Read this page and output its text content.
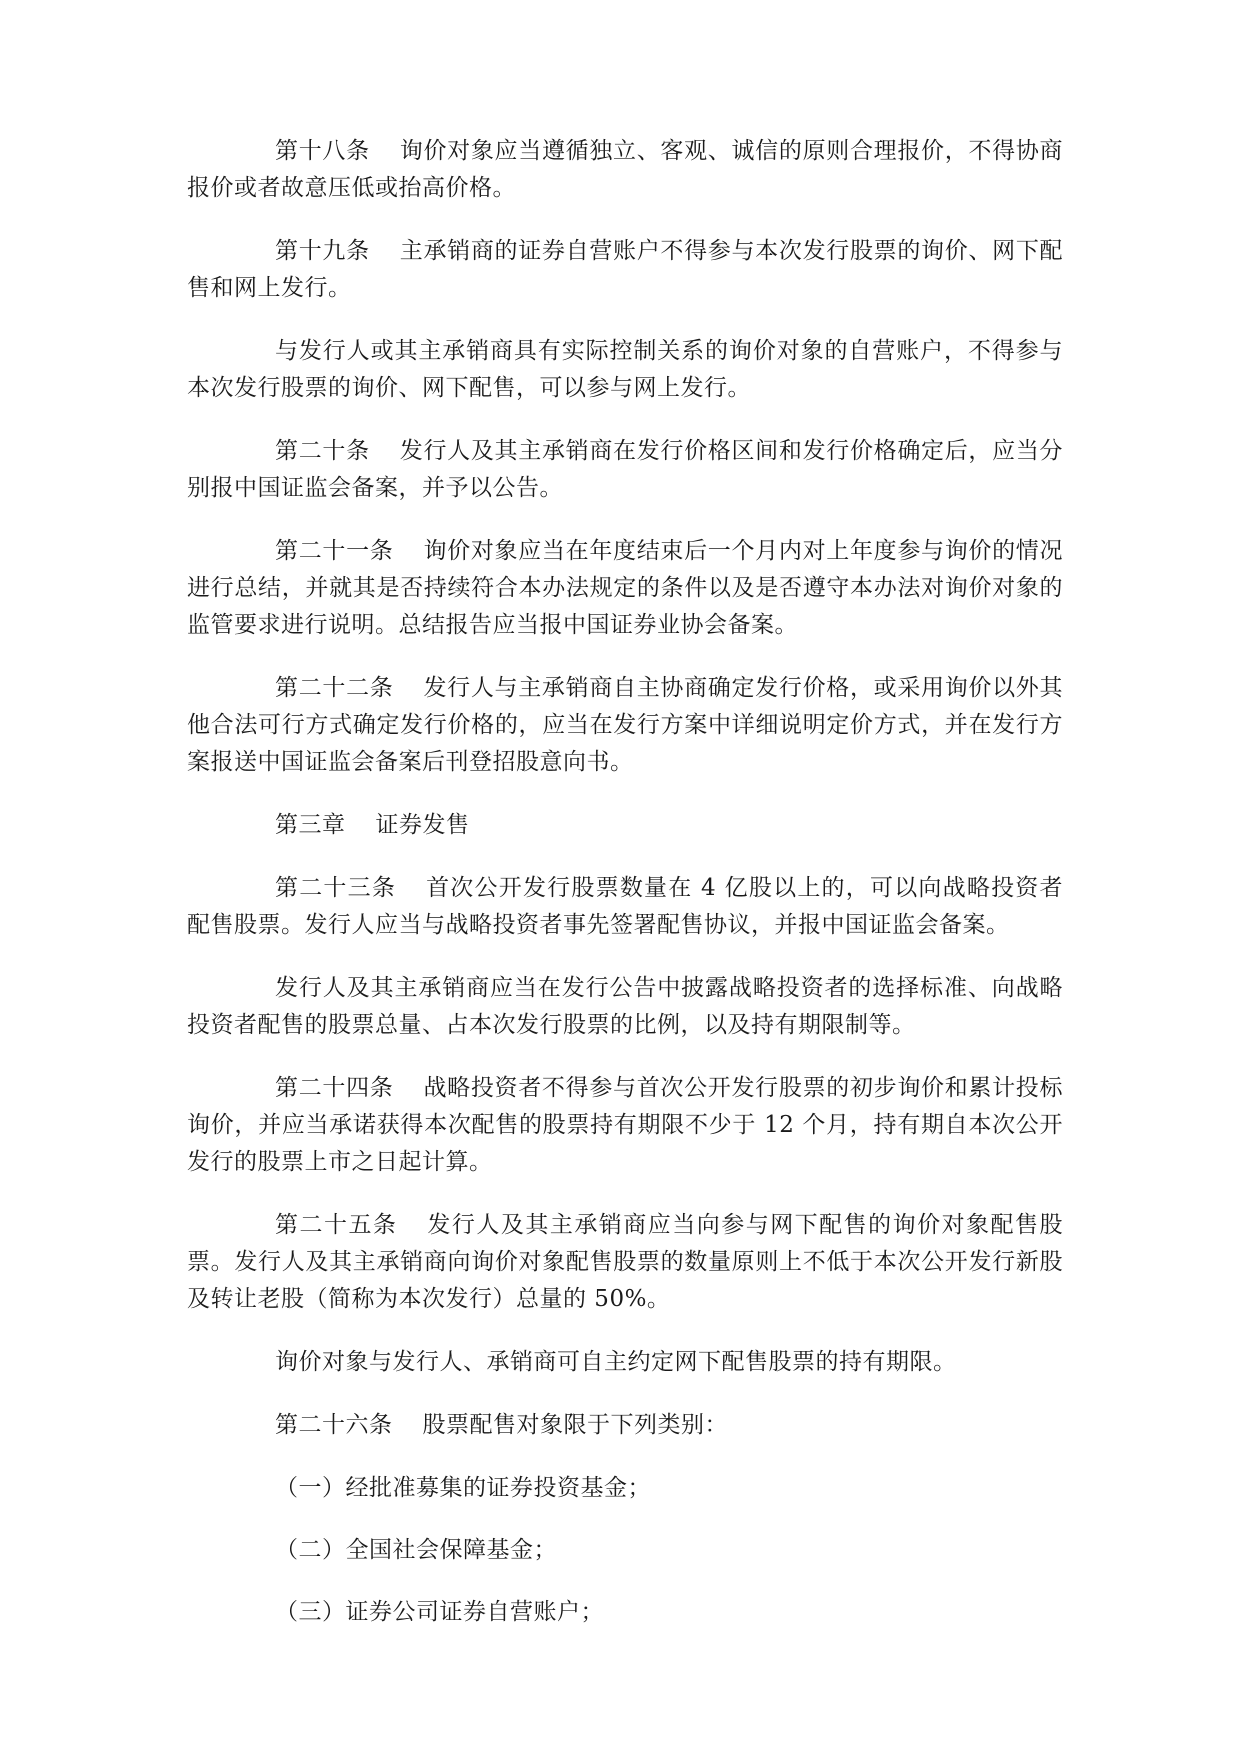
第十八条 询价对象应当遵循独立、客观、诚信的原则合理报价，不得协商报价或者故意压低或抬高价格。

第十九条 主承销商的证券自营账户不得参与本次发行股票的询价、网下配售和网上发行。

与发行人或其主承销商具有实际控制关系的询价对象的自营账户，不得参与本次发行股票的询价、网下配售，可以参与网上发行。

第二十条 发行人及其主承销商在发行价格区间和发行价格确定后，应当分别报中国证监会备案，并予以公告。

第二十一条 询价对象应当在年度结束后一个月内对上年度参与询价的情况进行总结，并就其是否持续符合本办法规定的条件以及是否遵守本办法对询价对象的监管要求进行说明。总结报告应当报中国证券业协会备案。

第二十二条 发行人与主承销商自主协商确定发行价格，或采用询价以外其他合法可行方式确定发行价格的，应当在发行方案中详细说明定价方式，并在发行方案报送中国证监会备案后刊登招股意向书。

第三章 证券发售

第二十三条 首次公开发行股票数量在 4 亿股以上的，可以向战略投资者配售股票。发行人应当与战略投资者事先签署配售协议，并报中国证监会备案。

发行人及其主承销商应当在发行公告中披露战略投资者的选择标准、向战略投资者配售的股票总量、占本次发行股票的比例，以及持有期限制等。

第二十四条 战略投资者不得参与首次公开发行股票的初步询价和累计投标询价，并应当承诺获得本次配售的股票持有期限不少于 12 个月，持有期自本次公开发行的股票上市之日起计算。

第二十五条 发行人及其主承销商应当向参与网下配售的询价对象配售股票。发行人及其主承销商向询价对象配售股票的数量原则上不低于本次公开发行新股及转让老股（简称为本次发行）总量的 50%。

询价对象与发行人、承销商可自主约定网下配售股票的持有期限。

第二十六条 股票配售对象限于下列类别：

（一）经批准募集的证券投资基金；

（二）全国社会保障基金；

（三）证券公司证券自营账户；
